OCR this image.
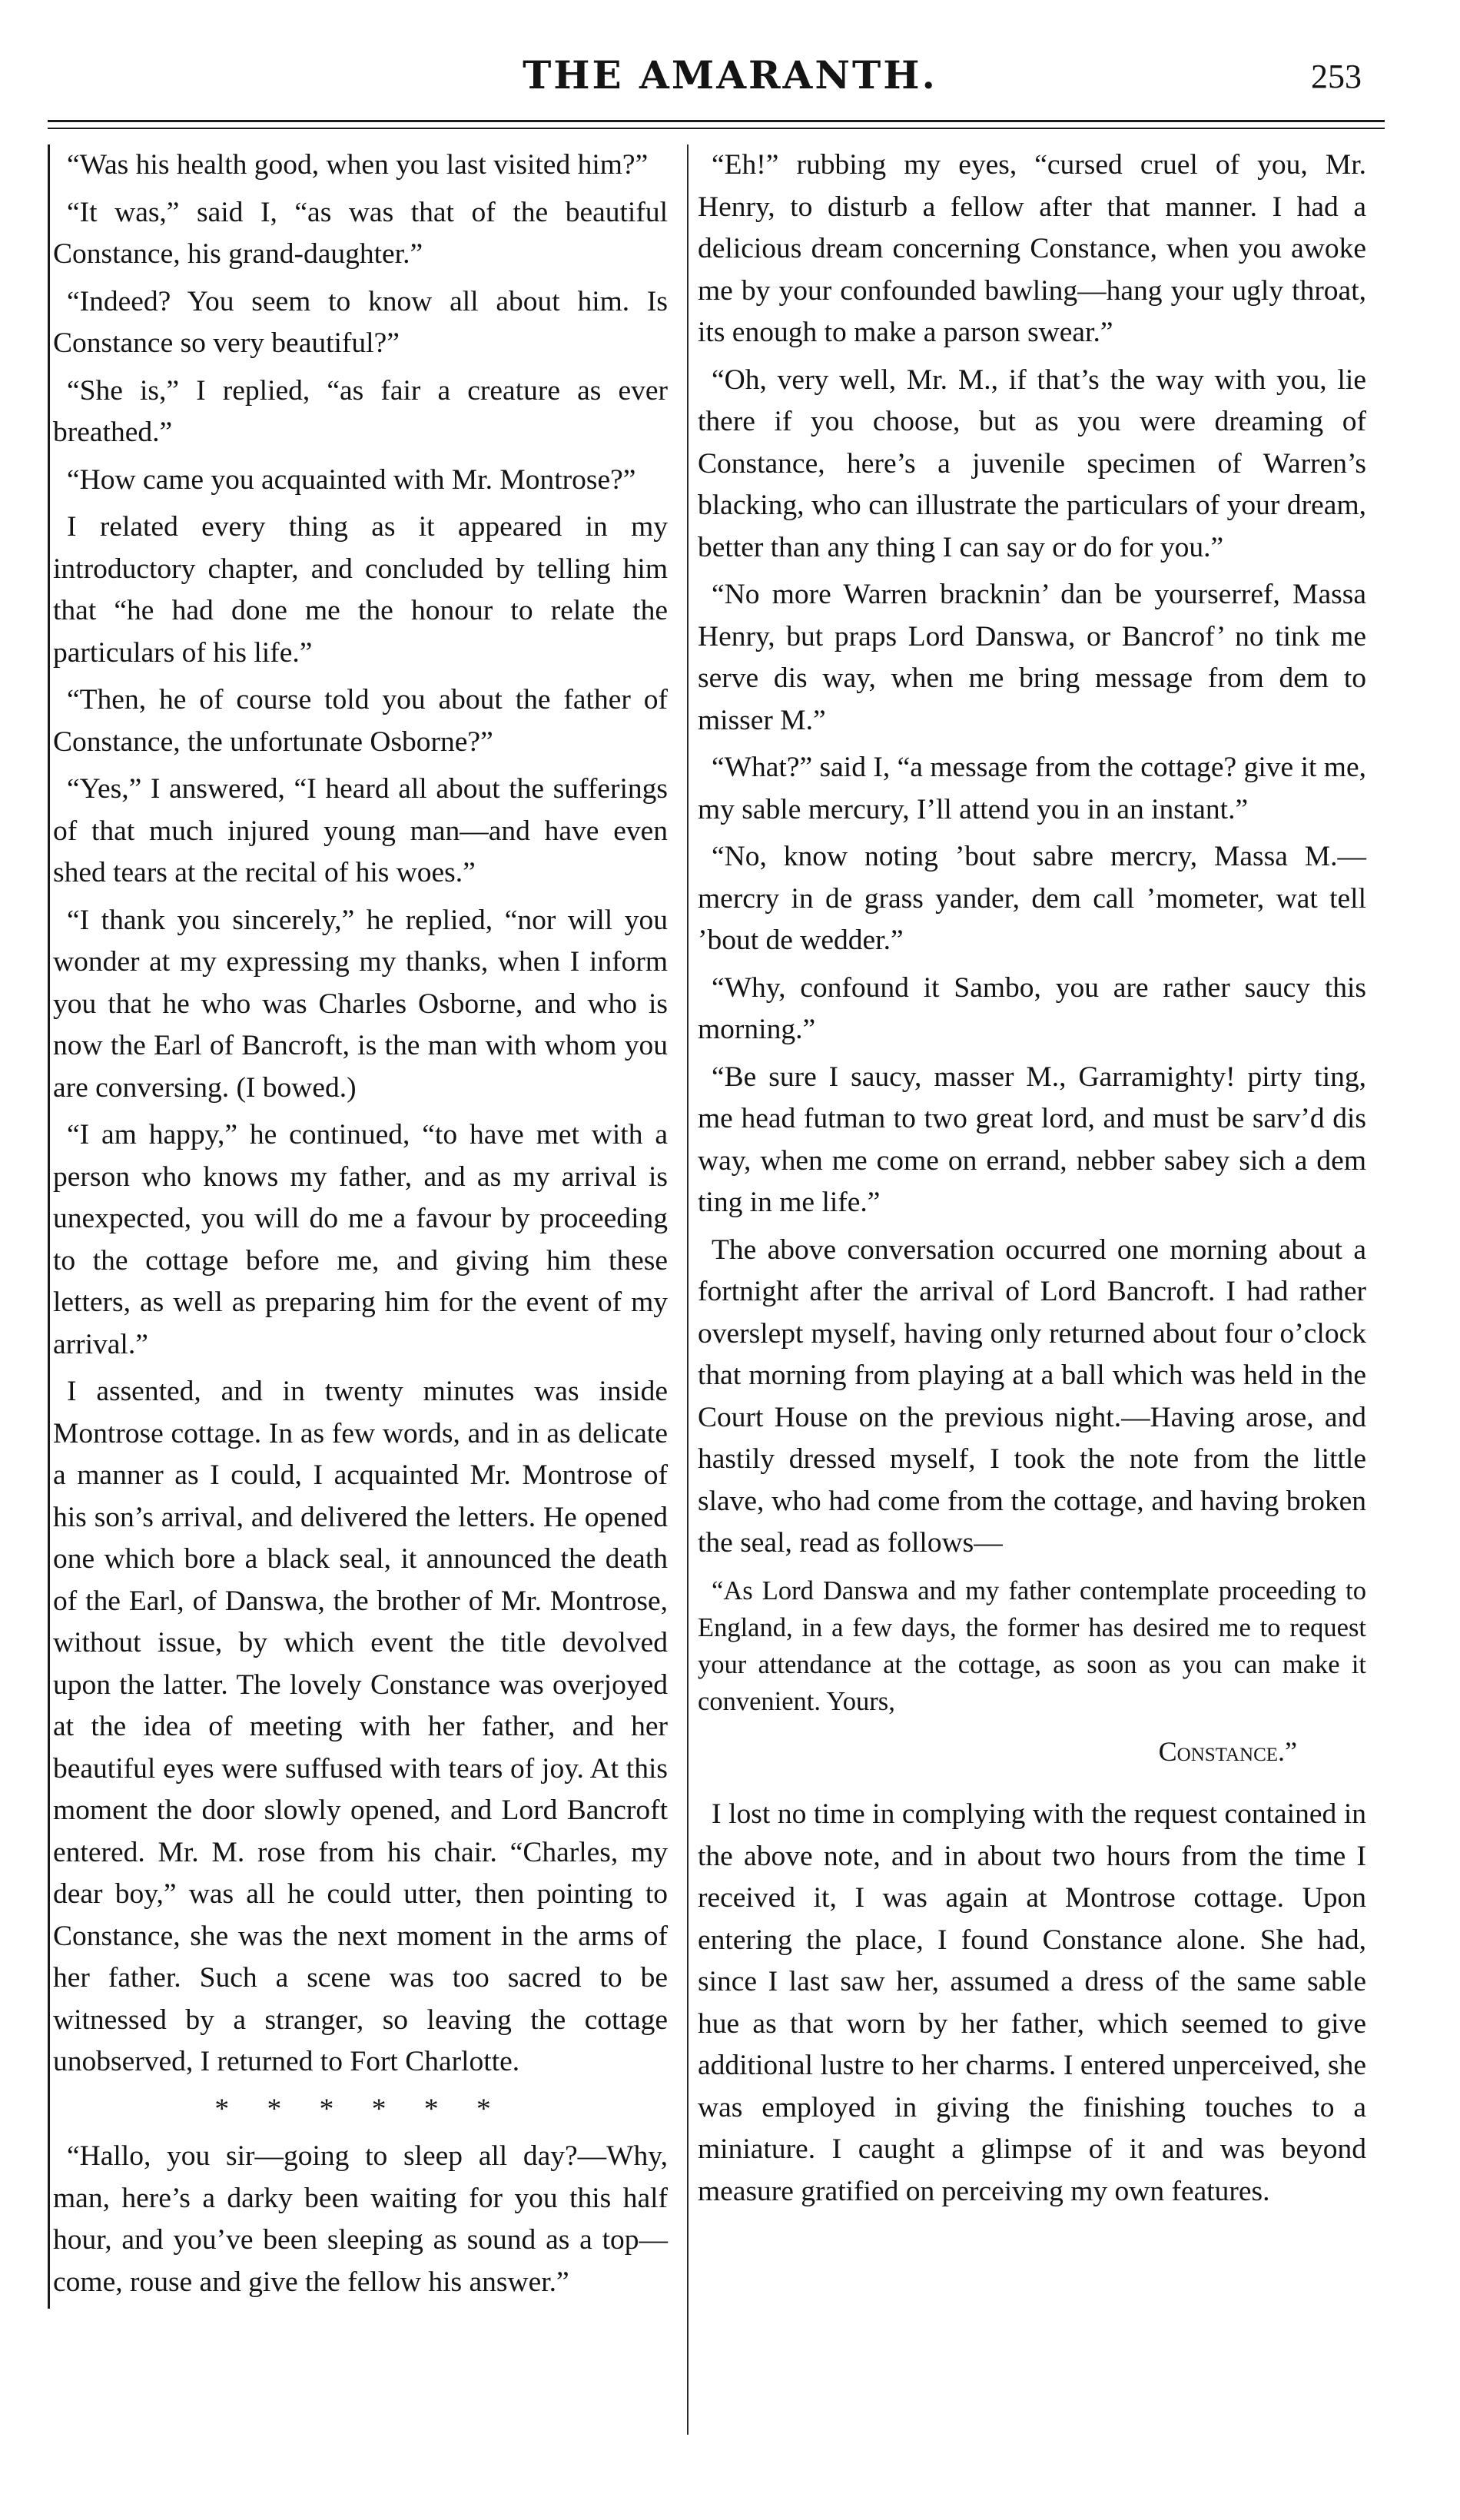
THE AMARANTH.	253

“Was his health good, when you last visited him?”

“It was,” said I, “as was that of the beautiful Constance, his grand-daughter.”

“Indeed? You seem to know all about him. Is Constance so very beautiful?”

“She is,” I replied, “as fair a creature as ever breathed.”

“How came you acquainted with Mr. Montrose?”

I related every thing as it appeared in my introductory chapter, and concluded by telling him that “he had done me the honour to relate the particulars of his life.”

“Then, he of course told you about the father of Constance, the unfortunate Osborne?”

“Yes,” I answered, “I heard all about the sufferings of that much injured young man—and have even shed tears at the recital of his woes.”

“I thank you sincerely,” he replied, “nor will you wonder at my expressing my thanks, when I inform you that he who was Charles Osborne, and who is now the Earl of Bancroft, is the man with whom you are conversing. (I bowed.)

“I am happy,” he continued, “to have met with a person who knows my father, and as my arrival is unexpected, you will do me a favour by proceeding to the cottage before me, and giving him these letters, as well as preparing him for the event of my arrival.”

I assented, and in twenty minutes was inside Montrose cottage. In as few words, and in as delicate a manner as I could, I acquainted Mr. Montrose of his son’s arrival, and delivered the letters. He opened one which bore a black seal, it announced the death of the Earl, of Danswa, the brother of Mr. Montrose, without issue, by which event the title devolved upon the latter. The lovely Constance was overjoyed at the idea of meeting with her father, and her beautiful eyes were suffused with tears of joy. At this moment the door slowly opened, and Lord Bancroft entered. Mr. M. rose from his chair. “Charles, my dear boy,” was all he could utter, then pointing to Constance, she was the next moment in the arms of her father. Such a scene was too sacred to be witnessed by a stranger, so leaving the cottage unobserved, I returned to Fort Charlotte.

* * * * * *

“Hallo, you sir—going to sleep all day?—Why, man, here’s a darky been waiting for you this half hour, and you’ve been sleeping as sound as a top—come, rouse and give the fellow his answer.”

“Eh!” rubbing my eyes, “cursed cruel of you, Mr. Henry, to disturb a fellow after that manner. I had a delicious dream concerning Constance, when you awoke me by your confounded bawling—hang your ugly throat, its enough to make a parson swear.”

“Oh, very well, Mr. M., if that’s the way with you, lie there if you choose, but as you were dreaming of Constance, here’s a juvenile specimen of Warren’s blacking, who can illustrate the particulars of your dream, better than any thing I can say or do for you.”

“No more Warren bracknin’ dan be yourserref, Massa Henry, but praps Lord Danswa, or Bancrof’ no tink me serve dis way, when me bring message from dem to misser M.”

“What?” said I, “a message from the cottage? give it me, my sable mercury, I’ll attend you in an instant.”

“No, know noting ’bout sabre mercry, Massa M.—mercry in de grass yander, dem call ’mometer, wat tell ’bout de wedder.”

“Why, confound it Sambo, you are rather saucy this morning.”

“Be sure I saucy, masser M., Garramighty! pirty ting, me head futman to two great lord, and must be sarv’d dis way, when me come on errand, nebber sabey sich a dem ting in me life.”

The above conversation occurred one morning about a fortnight after the arrival of Lord Bancroft. I had rather overslept myself, having only returned about four o’clock that morning from playing at a ball which was held in the Court House on the previous night.—Having arose, and hastily dressed myself, I took the note from the little slave, who had come from the cottage, and having broken the seal, read as follows—

“As Lord Danswa and my father contemplate proceeding to England, in a few days, the former has desired me to request your attendance at the cottage, as soon as you can make it convenient. Yours,

Constance.”

I lost no time in complying with the request contained in the above note, and in about two hours from the time I received it, I was again at Montrose cottage. Upon entering the place, I found Constance alone. She had, since I last saw her, assumed a dress of the same sable hue as that worn by her father, which seemed to give additional lustre to her charms. I entered unperceived, she was employed in giving the finishing touches to a miniature. I caught a glimpse of it and was beyond measure gratified on perceiving my own features.
